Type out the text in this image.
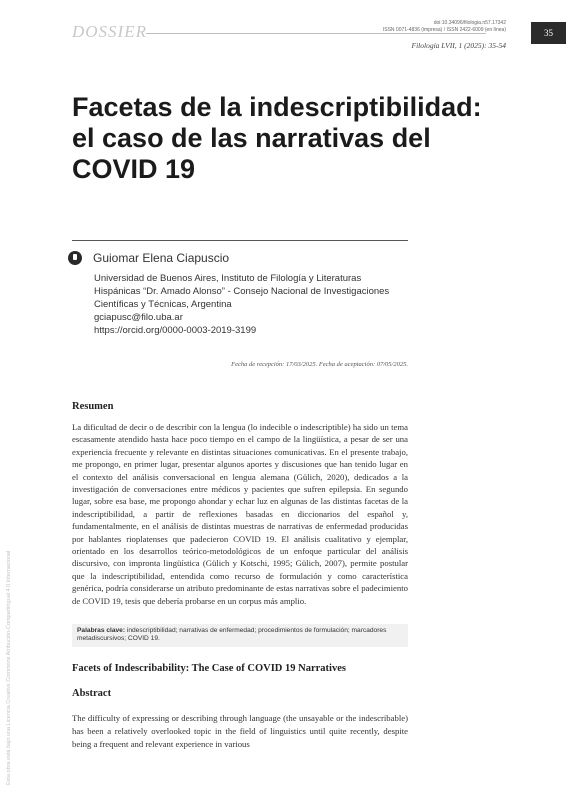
DOSSIER	doi:10.34096/filologia.n57.17342
ISSN 0071-4836 (impresa) / ISSN 2422-6009 (en línea)
Filología LVII, 1 (2025): 35-54
35
Facetas de la indescriptibilidad:
el caso de las narrativas del
COVID 19
Guiomar Elena Ciapuscio
Universidad de Buenos Aires, Instituto de Filología y Literaturas
Hispánicas “Dr. Amado Alonso” - Consejo Nacional de Investigaciones
Científicas y Técnicas, Argentina
gciapusc@filo.uba.ar
https://orcid.org/0000-0003-2019-3199
Fecha de recepción: 17/03/2025. Fecha de aceptación: 07/05/2025.
Resumen

La dificultad de decir o de describir con la lengua (lo indecible o indescriptible) ha sido un tema escasamente atendido hasta hace poco tiempo en el campo de la lingüística, a pesar de ser una experiencia frecuente y relevante en distintas situaciones comunicativas. En el presente trabajo, me propongo, en primer lugar, presentar algunos aportes y discusiones que han tenido lugar en el contexto del análisis conversacional en lengua alemana (Gülich, 2020), dedicados a la investigación de conversaciones entre médicos y pacientes que sufren epilepsia. En segundo lugar, sobre esa base, me propongo ahondar y echar luz en algunas de las distintas facetas de la indescriptibilidad, a partir de reflexiones basadas en diccionarios del español y, fundamentalmente, en el análisis de distintas muestras de narrativas de enfermedad producidas por hablantes rioplatenses que padecieron COVID 19. El análisis cualitativo y ejemplar, orientado en los desarrollos teórico-metodológicos de un enfoque particular del análisis discursivo, con impronta lingüística (Gülich y Kotschi, 1995; Gülich, 2007), permite postular que la indescriptibilidad, entendida como recurso de formulación y como característica genérica, podría considerarse un atributo predominante de estas narrativas sobre el padecimiento de COVID 19, tesis que debería probarse en un corpus más amplio.

Palabras clave: indescriptibilidad; narrativas de enfermedad; procedimientos de formulación; marcadores metadiscursivos; COVID 19.
Facets of Indescribability: The Case of COVID 19 Narratives
Abstract

The difficulty of expressing or describing through language (the unsayable or the indescribable) has been a relatively overlooked topic in the field of linguistics until quite recently, despite being a frequent and relevant experience in various

Esta obra está bajo una Licencia Creative Commons Atribución-CompartirIgual 4.0 Internacional
